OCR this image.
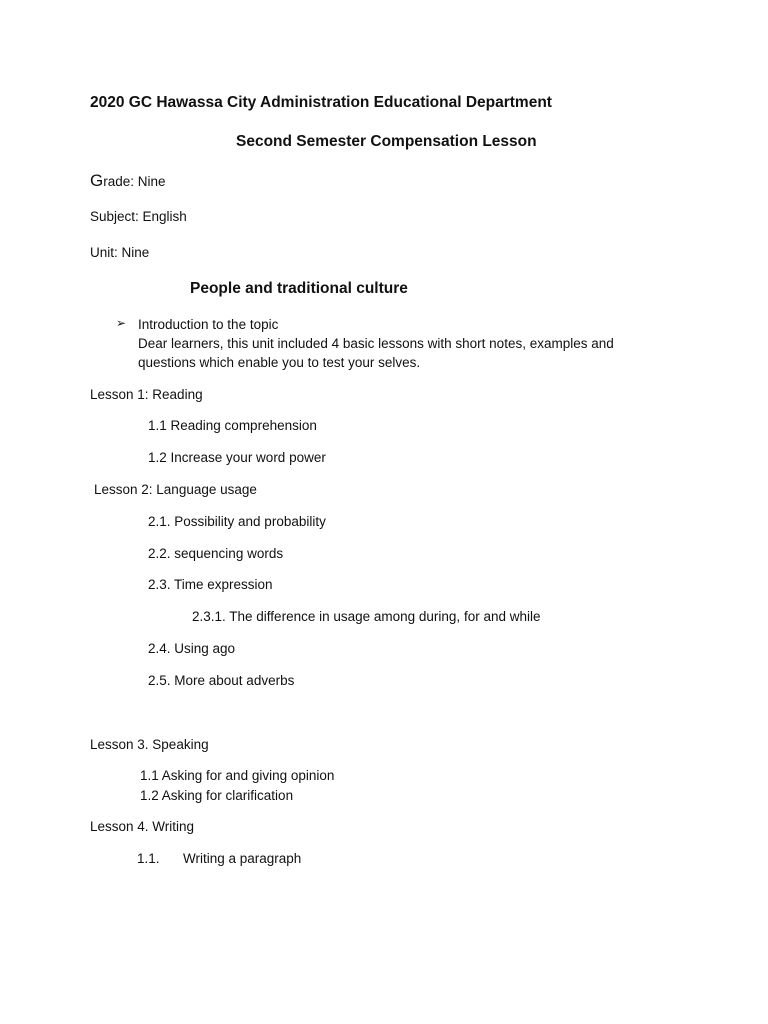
2020 GC Hawassa City Administration Educational Department
Second Semester Compensation Lesson
Grade: Nine
Subject: English
Unit: Nine
People and traditional culture
➢ Introduction to the topic
Dear learners, this unit included 4 basic lessons with short notes, examples and
questions which enable you to test your selves.
Lesson 1: Reading
1.1 Reading comprehension
1.2 Increase your word power
Lesson 2: Language usage
2.1. Possibility and probability
2.2. sequencing words
2.3. Time expression
2.3.1. The difference in usage among during, for and while
2.4. Using ago
2.5. More about adverbs
Lesson 3. Speaking
1.1 Asking for and giving opinion
1.2 Asking for clarification
Lesson 4. Writing
1.1. Writing a paragraph
